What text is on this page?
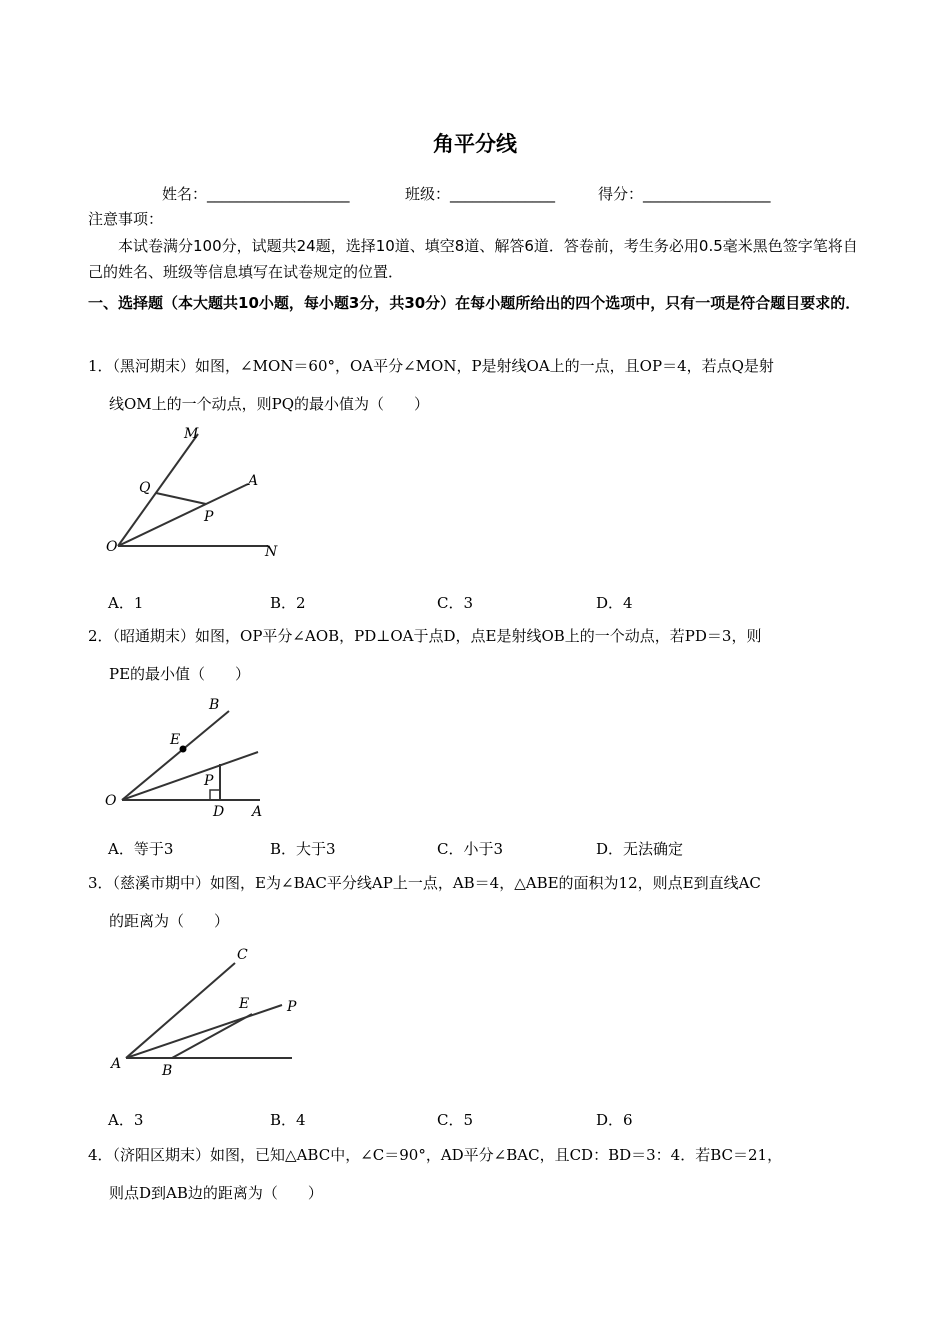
角平分线
姓名：___________________	班级：______________	得分：_________________
注意事项：
本试卷满分100分，试题共24题，选择10道、填空8道、解答6道．答卷前，考生务必用0.5毫米黑色签字笔将自己的姓名、班级等信息填写在试卷规定的位置．
一、选择题（本大题共10小题，每小题3分，共30分）在每小题所给出的四个选项中，只有一项是符合题目要求的．
1．（黑河期末）如图，∠MON＝60°，OA平分∠MON，P是射线OA上的一点，且OP＝4，若点Q是射
线OM上的一个动点，则PQ的最小值为（　　）
M
Q	A
P
O	N
A．1	B．2	C．3	D．4
2．（昭通期末）如图，OP平分∠AOB，PD⊥OA于点D，点E是射线OB上的一个动点，若PD＝3，则
PE的最小值（　　）
B
E
P
O
D A
A．等于3	B．大于3	C．小于3	D．无法确定
3．（慈溪市期中）如图，E为∠BAC平分线AP上一点，AB＝4，△ABE的面积为12，则点E到直线AC
的距离为（　　）
C
E	P
A	B
A．3	B．4	C．5	D．6
4．（济阳区期末）如图，已知△ABC中，∠C＝90°，AD平分∠BAC，且CD：BD＝3：4．若BC＝21，
则点D到AB边的距离为（　　）
